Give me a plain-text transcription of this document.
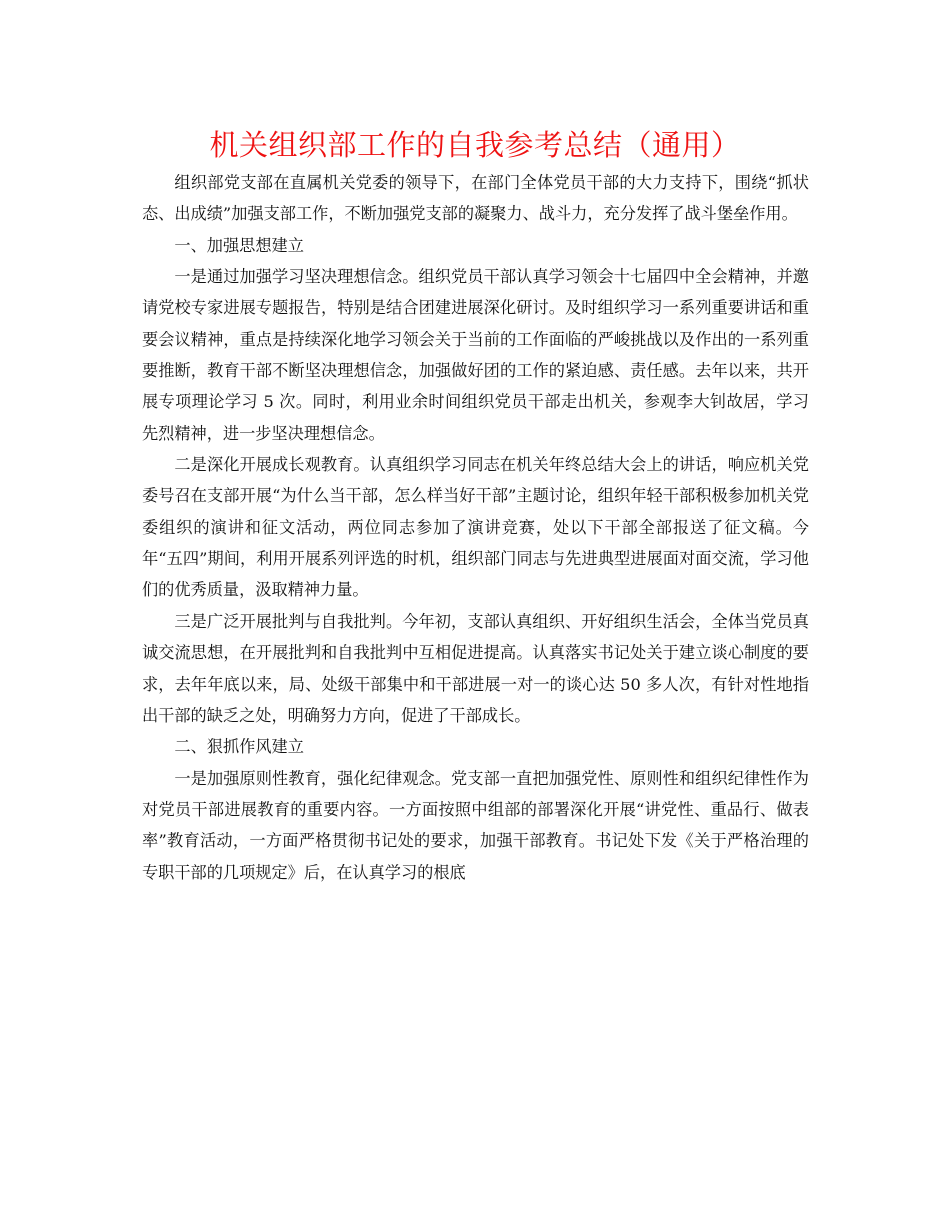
机关组织部工作的自我参考总结（通用）

组织部党支部在直属机关党委的领导下，在部门全体党员干部的大力支持下，围绕“抓状态、出成绩”加强支部工作，不断加强党支部的凝聚力、战斗力，充分发挥了战斗堡垒作用。

一、加强思想建立

一是通过加强学习坚决理想信念。组织党员干部认真学习领会十七届四中全会精神，并邀请党校专家进展专题报告，特别是结合团建进展深化研讨。及时组织学习一系列重要讲话和重要会议精神，重点是持续深化地学习领会关于当前的工作面临的严峻挑战以及作出的一系列重要推断，教育干部不断坚决理想信念，加强做好团的工作的紧迫感、责任感。去年以来，共开展专项理论学习 5 次。同时，利用业余时间组织党员干部走出机关，参观李大钊故居，学习先烈精神，进一步坚决理想信念。

二是深化开展成长观教育。认真组织学习同志在机关年终总结大会上的讲话，响应机关党委号召在支部开展“为什么当干部，怎么样当好干部”主题讨论，组织年轻干部积极参加机关党委组织的演讲和征文活动，两位同志参加了演讲竞赛，处以下干部全部报送了征文稿。今年“五四”期间，利用开展系列评选的时机，组织部门同志与先进典型进展面对面交流，学习他们的优秀质量，汲取精神力量。

三是广泛开展批判与自我批判。今年初，支部认真组织、开好组织生活会，全体当党员真诚交流思想，在开展批判和自我批判中互相促进提高。认真落实书记处关于建立谈心制度的要求，去年年底以来，局、处级干部集中和干部进展一对一的谈心达 50 多人次，有针对性地指出干部的缺乏之处，明确努力方向，促进了干部成长。

二、狠抓作风建立

一是加强原则性教育，强化纪律观念。党支部一直把加强党性、原则性和组织纪律性作为对党员干部进展教育的重要内容。一方面按照中组部的部署深化开展“讲党性、重品行、做表率”教育活动，一方面严格贯彻书记处的要求，加强干部教育。书记处下发《关于严格治理的专职干部的几项规定》后，在认真学习的根底
